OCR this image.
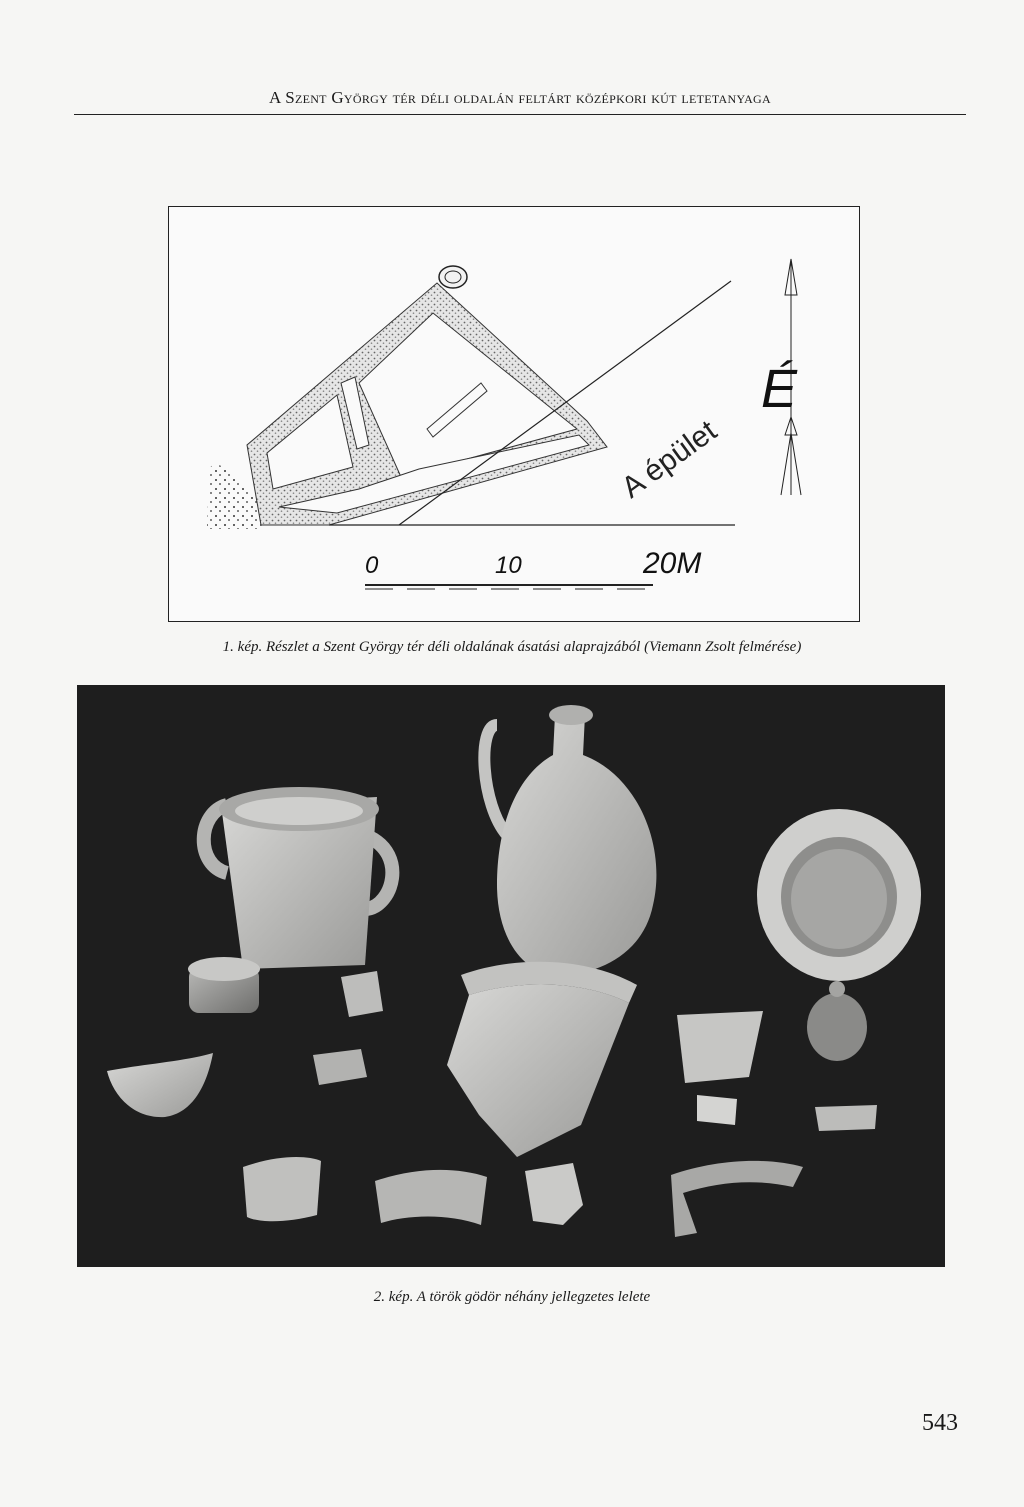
A Szent György tér déli oldalán feltárt középkori kút letetanyaga
A épület
É
0	10	20M
1. kép. Részlet a Szent György tér déli oldalának ásatási alaprajzából (Viemann Zsolt felmérése)
2. kép. A török gödör néhány jellegzetes lelete
543
